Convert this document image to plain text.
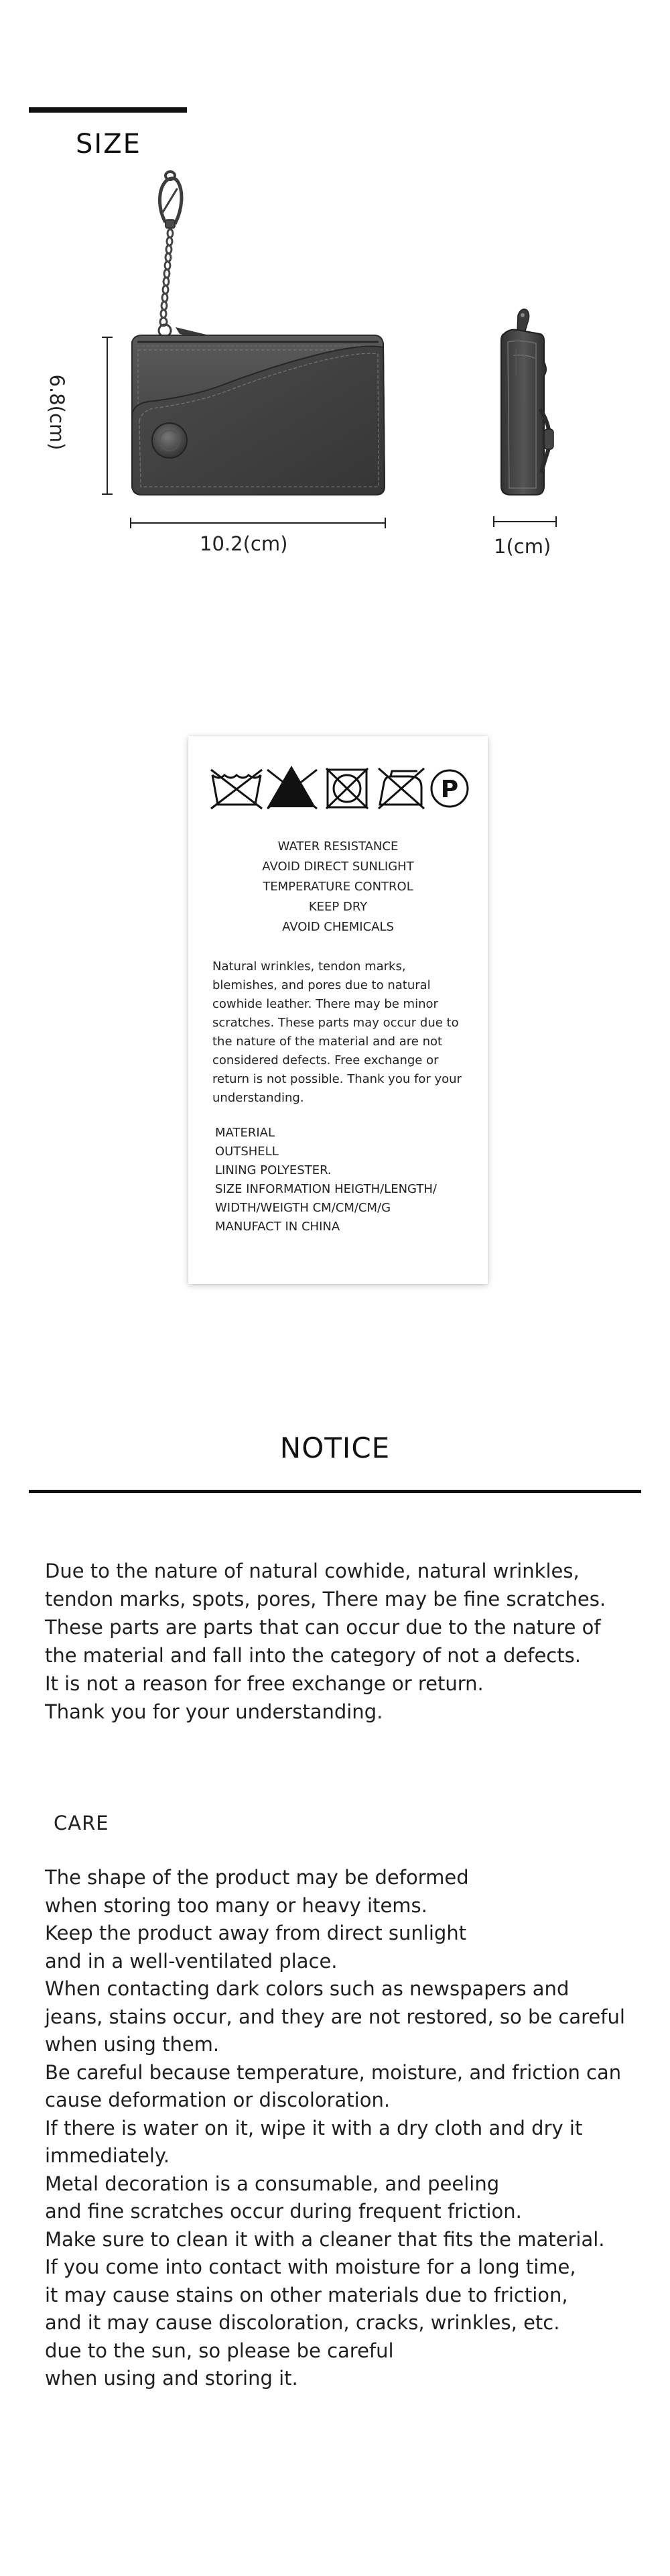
SIZE
6.8(cm)
10.2(cm)	1(cm)
P
WATER RESISTANCE
AVOID DIRECT SUNLIGHT
TEMPERATURE CONTROL
KEEP DRY
AVOID CHEMICALS
Natural wrinkles, tendon marks, blemishes, and pores due to natural cowhide leather. There may be minor scratches. These parts may occur due to the nature of the material and are not considered defects. Free exchange or return is not possible. Thank you for your understanding.
MATERIAL
OUTSHELL
LINING POLYESTER.
SIZE INFORMATION HEIGTH/LENGTH/
WIDTH/WEIGTH CM/CM/CM/G
MANUFACT IN CHINA
NOTICE
Due to the nature of natural cowhide, natural wrinkles,
tendon marks, spots, pores, There may be fine scratches.
These parts are parts that can occur due to the nature of
the material and fall into the category of not a defects.
It is not a reason for free exchange or return.
Thank you for your understanding.
CARE
The shape of the product may be deformed
when storing too many or heavy items.
Keep the product away from direct sunlight
and in a well-ventilated place.
When contacting dark colors such as newspapers and
jeans, stains occur, and they are not restored, so be careful
when using them.
Be careful because temperature, moisture, and friction can
cause deformation or discoloration.
If there is water on it, wipe it with a dry cloth and dry it
immediately.
Metal decoration is a consumable, and peeling
and fine scratches occur during frequent friction.
Make sure to clean it with a cleaner that fits the material.
If you come into contact with moisture for a long time,
it may cause stains on other materials due to friction,
and it may cause discoloration, cracks, wrinkles, etc.
due to the sun, so please be careful
when using and storing it.
